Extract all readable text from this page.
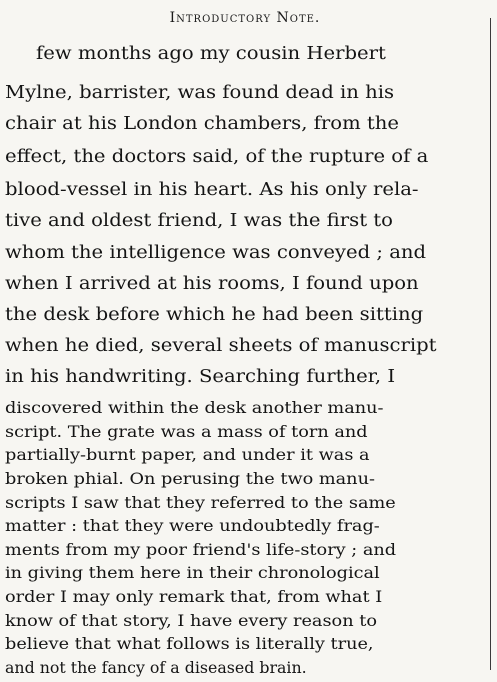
Introductory Note.
few months ago my cousin Herbert
Mylne, barrister, was found dead in his
chair at his London chambers, from the
effect, the doctors said, of the rupture of a
blood-vessel in his heart. As his only rela-
tive and oldest friend, I was the first to
whom the intelligence was conveyed ; and
when I arrived at his rooms, I found upon
the desk before which he had been sitting
when he died, several sheets of manuscript
in his handwriting. Searching further, I
discovered within the desk another manu-
script. The grate was a mass of torn and
partially-burnt paper, and under it was a
broken phial. On perusing the two manu-
scripts I saw that they referred to the same
matter : that they were undoubtedly frag-
ments from my poor friend's life-story ; and
in giving them here in their chronological
order I may only remark that, from what I
know of that story, I have every reason to
believe that what follows is literally true,
and not the fancy of a diseased brain.
